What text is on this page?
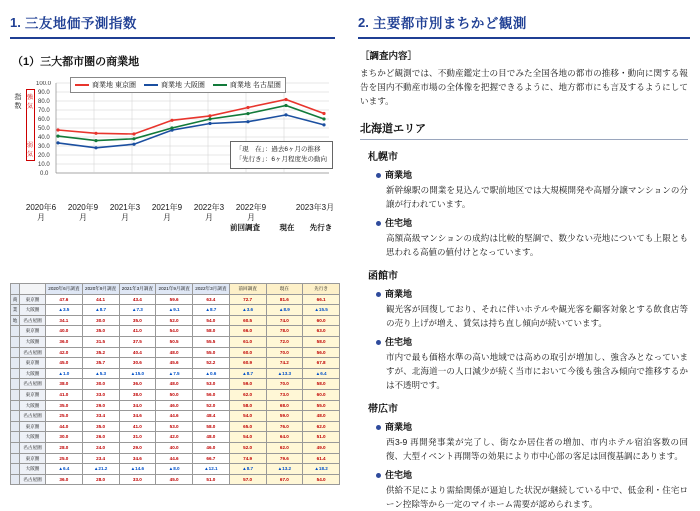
1. 三友地価予測指数
（1）三大都市圏の商業地
商業地 東京圏	商業地 大阪圏	商業地 名古屋圏
指
数
強気
弱気
100.0
90.0
80.0
70.0
60.0
50.0
40.0
30.0
20.0
10.0
0.0
「現　在」：過去6ヶ月の推移
「先行き」：6ヶ月程度先の動向
2020年6
月
2020年9
月
2021年3
月
2021年9
月
2022年3
月
2022年9
月
2023年3月
前回調査	現在	先行き
		2020年6月調査	2020年9月調査	2021年3月調査	2021年9月調査	2022年3月調査	前回調査	現在	先行き
商	東京圏	47.6	44.1	43.4	59.6	63.4	72.7	81.6	66.1
業	大阪圏	▲3.5	▲8.7	▲7.3	▲9.1	▲8.7	▲3.6	▲8.9	▲15.5
地	名古屋圏	34.1	30.0	35.0	52.0	54.0	60.5	74.0	60.0
	東京圏	40.0	35.0	41.0	54.0	58.0	66.0	78.0	63.0
	大阪圏	36.0	31.5	37.5	50.5	55.5	61.0	72.0	58.0
	名古屋圏	42.0	35.2	40.4	48.0	55.0	60.0	70.0	56.0
	東京圏	45.0	35.7	30.6	45.6	52.2	60.9	74.2	67.8
	大阪圏	▲1.0	▲5.3	▲15.0	▲7.5	▲0.6	▲8.7	▲13.3	▲6.4
	名古屋圏	38.0	30.0	36.0	48.0	53.0	59.0	70.0	58.0
	東京圏	41.0	33.0	38.0	50.0	56.0	62.0	73.0	60.0
	大阪圏	35.0	29.0	34.0	46.0	52.0	58.0	68.0	55.0
	名古屋圏	25.0	33.4	34.6	44.6	48.4	54.0	59.0	48.0
	東京圏	44.0	35.0	41.0	53.0	58.0	65.0	76.0	62.0
	大阪圏	30.0	26.0	31.0	42.0	48.0	54.0	64.0	51.0
	名古屋圏	28.0	24.0	29.0	40.0	46.0	52.0	62.0	49.0
	東京圏	25.0	23.4	34.6	44.6	66.7	74.9	79.6	61.4
	大阪圏	▲6.4	▲21.2	▲14.6	▲8.0	▲12.1	▲8.7	▲13.2	▲18.2
	名古屋圏	36.0	28.0	33.0	45.0	51.0	57.0	67.0	54.0
2. 主要都市別まちかど観測
［調査内容］

まちかど観測では、不動産鑑定士の目でみた全国各地の都市の推移・動向に関する報告を国内不動産市場の全体像を把握できるように、地方都市にも言及するようにしています。

北海道エリア
札幌市
商業地

新幹線駅の開業を見込んで駅前地区では大規模開発や高層分譲マンションの分譲が行われています。

住宅地

高額高級マンションの成約は比較的堅調で、数少ない売地についても上限とも思われる高値の値付けとなっています。

函館市
商業地

観光客が回復しており、それに伴いホテルや観光客を顧客対象とする飲食店等の売り上げが増え、賃気は持ち直し傾向が続いています。

住宅地

市内で最も価格水準の高い地域では高めの取引が増加し、強含みとなっていますが、北海道一の人口減少が続く当市において今後も強含み傾向で推移するかは不透明です。

帯広市
商業地

西3-9 再開発事業が完了し、街なか居住者の増加、市内ホテル宿泊客数の回復、大型イベント再開等の効果により市中心部の客足は回復基調にあります。

住宅地

供給不足により需給関係が逼迫した状況が継続している中で、低金利・住宅ローン控除等から一定のマイホーム需要が認められます。
